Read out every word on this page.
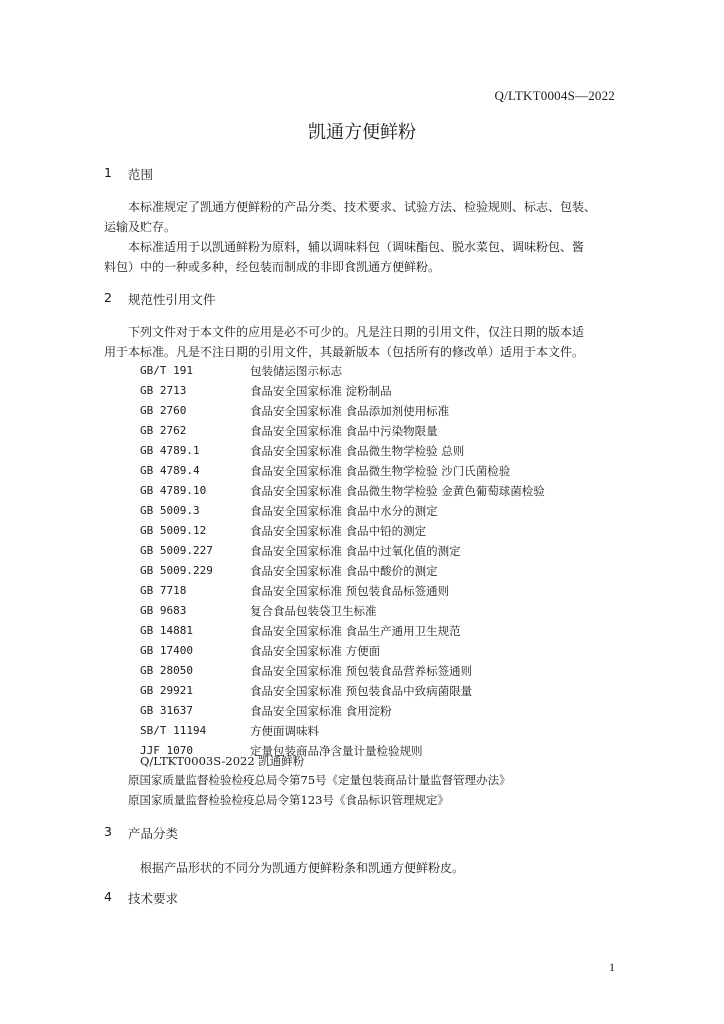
Q/LTKT0004S—2022
凯通方便鲜粉
1 范围
本标准规定了凯通方便鲜粉的产品分类、技术要求、试验方法、检验规则、标志、包装、
运输及贮存。
本标准适用于以凯通鲜粉为原料，辅以调味料包（调味酯包、脱水菜包、调味粉包、酱
料包）中的一种或多种，经包装而制成的非即食凯通方便鲜粉。
2 规范性引用文件
下列文件对于本文件的应用是必不可少的。凡是注日期的引用文件，仅注日期的版本适
用于本标准。凡是不注日期的引用文件，其最新版本（包括所有的修改单）适用于本文件。
GB/T 191	包装储运图示标志
GB 2713	食品安全国家标准 淀粉制品
GB 2760	食品安全国家标准 食品添加剂使用标准
GB 2762	食品安全国家标准 食品中污染物限量
GB 4789.1	食品安全国家标准 食品微生物学检验 总则
GB 4789.4	食品安全国家标准 食品微生物学检验 沙门氏菌检验
GB 4789.10	食品安全国家标准 食品微生物学检验 金黄色葡萄球菌检验
GB 5009.3	食品安全国家标准 食品中水分的测定
GB 5009.12	食品安全国家标准 食品中铅的测定
GB 5009.227	食品安全国家标准 食品中过氧化值的测定
GB 5009.229	食品安全国家标准 食品中酸价的测定
GB 7718	食品安全国家标准 预包装食品标签通则
GB 9683	复合食品包装袋卫生标准
GB 14881	食品安全国家标准 食品生产通用卫生规范
GB 17400	食品安全国家标准 方便面
GB 28050	食品安全国家标准 预包装食品营养标签通则
GB 29921	食品安全国家标准 预包装食品中致病菌限量
GB 31637	食品安全国家标准 食用淀粉
SB/T 11194	方便面调味料
JJF 1070	定量包装商品净含量计量检验规则
Q/LTKT0003S-2022 凯通鲜粉
原国家质量监督检验检疫总局令第75号《定量包装商品计量监督管理办法》
原国家质量监督检验检疫总局令第123号《食品标识管理规定》
3 产品分类
根据产品形状的不同分为凯通方便鲜粉条和凯通方便鲜粉皮。
4 技术要求
1
